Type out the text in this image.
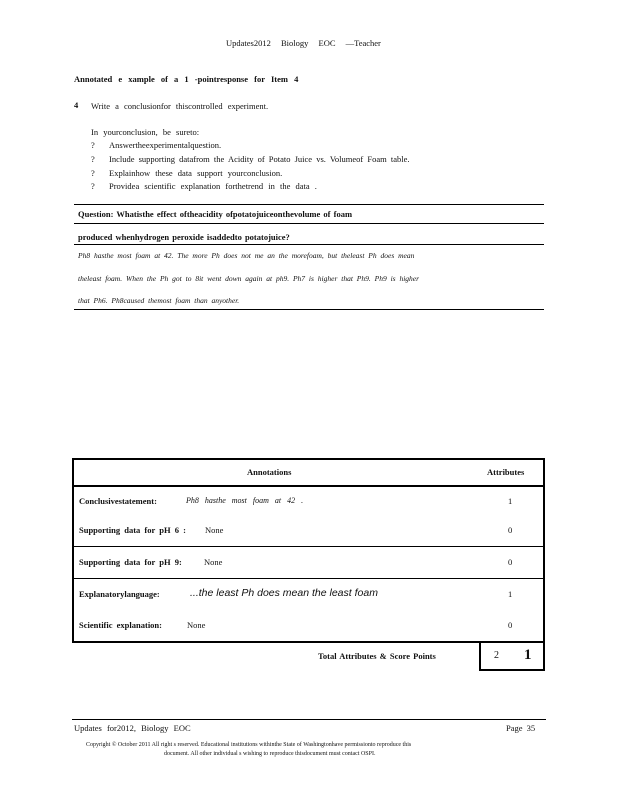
Updates2012 Biology EOC —Teacher
Annotated e xample of a 1 -pointresponse for Item 4
4 Write a conclusionfor thiscontrolled experiment.
In yourconclusion, be sureto:
? Answertheexperimentalquestion.
? Include supporting datafrom the Acidity of Potato Juice vs. Volumeof Foam table.
? Explainhow these data support yourconclusion.
? Providea scientific explanation forthetrend in the data .
Question: Whatisthe effect oftheacidity ofpotatojuiceonthevolume of foam
produced whenhydrogen peroxide isaddedto potatojuice?
Ph8 hasthe most foam at 42. The more Ph does not me an the morefoam, but theleast Ph does mean
theleast foam. When the Ph got to 8it went down again at ph9. Ph7 is higher that Ph9. Ph9 is higher
that Ph6. Ph8caused themost foam than anyother.
Annotations	Attributes
Conclusivestatement:	Ph8 hasthe most foam at 42 .	1
Supporting data for pH 6 : None	0
Supporting data for pH 9:	None	0
Explanatorylanguage:	...the least Ph does mean the least foam	1
Scientific explanation:	None	0
Total Attributes & Score Points	2 1
Updates for2012, Biology EOC	Page 35
Copyright © October 2011 All right s reserved. Educational institutions withinthe State of Washingtonhave permissionto reproduce this
document. All other individual s wishing to reproduce thisdocument must contact OSPI.
